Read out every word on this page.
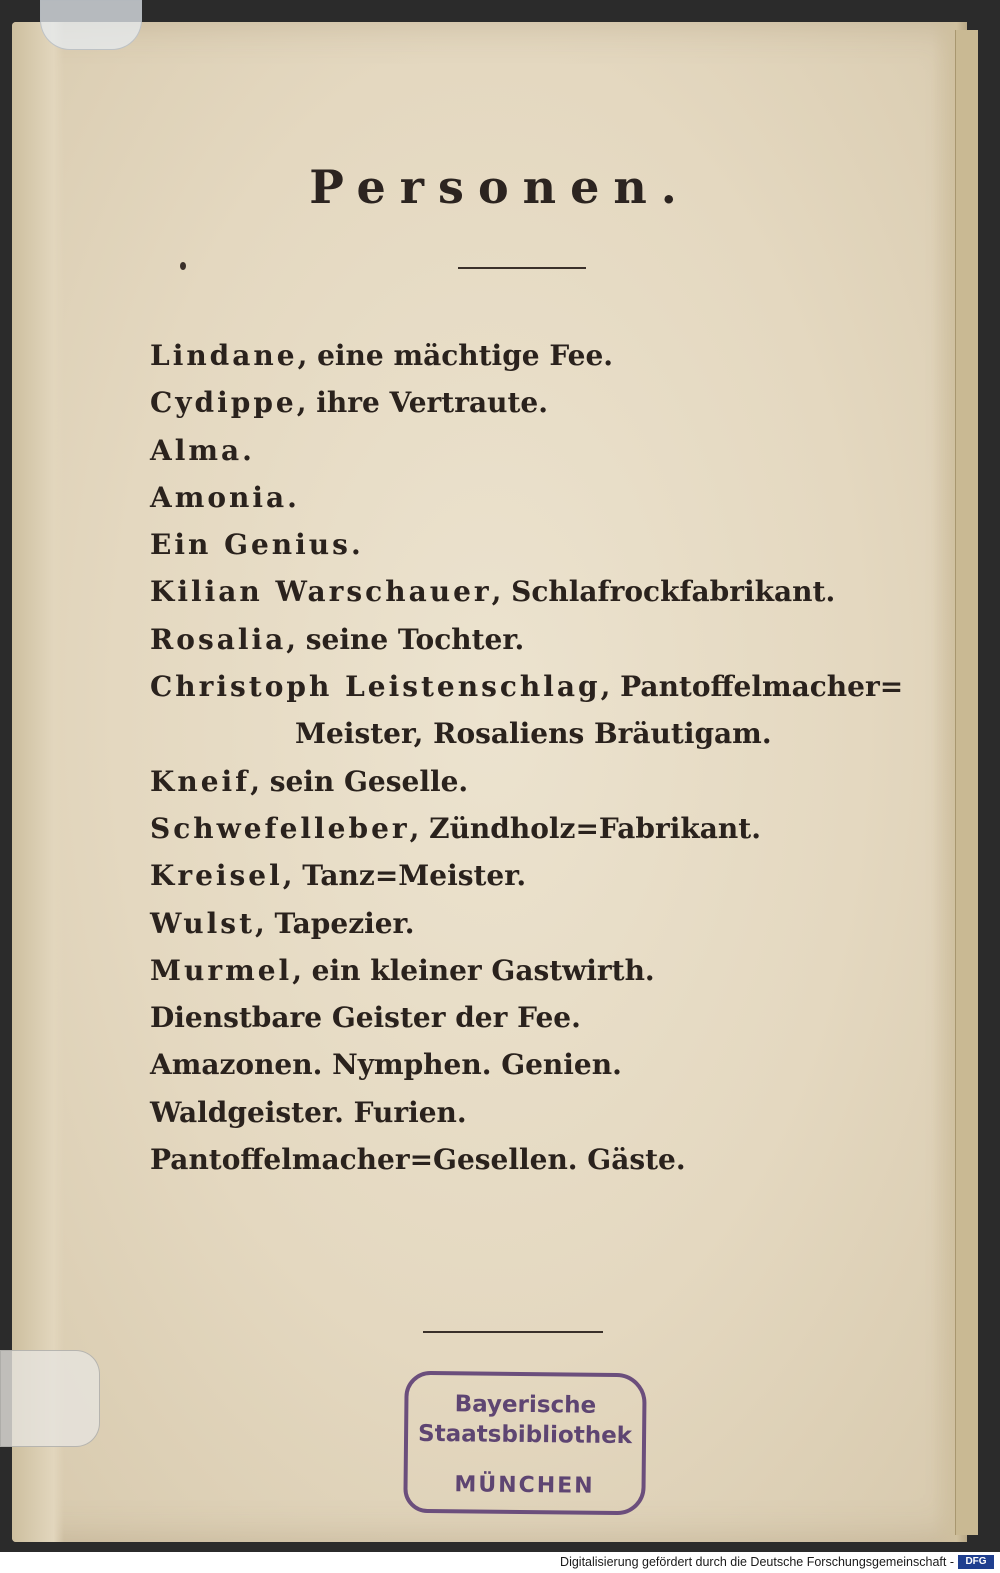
Personen.
Lindane, eine mächtige Fee.
Cydippe, ihre Vertraute.
Alma.
Amonia.
Ein Genius.
Kilian Warschauer, Schlafrockfabrikant.
Rosalia, seine Tochter.
Christoph Leistenschlag, Pantoffelmacher=
Meister, Rosaliens Bräutigam.
Kneif, sein Geselle.
Schwefelleber, Zündholz=Fabrikant.
Kreisel, Tanz=Meister.
Wulst, Tapezier.
Murmel, ein kleiner Gastwirth.
Dienstbare Geister der Fee.
Amazonen. Nymphen. Genien.
Waldgeister. Furien.
Pantoffelmacher=Gesellen. Gäste.
Bayerische
Staatsbibliothek
MÜNCHEN
Digitalisierung gefördert durch die Deutsche Forschungsgemeinschaft -	DFG
